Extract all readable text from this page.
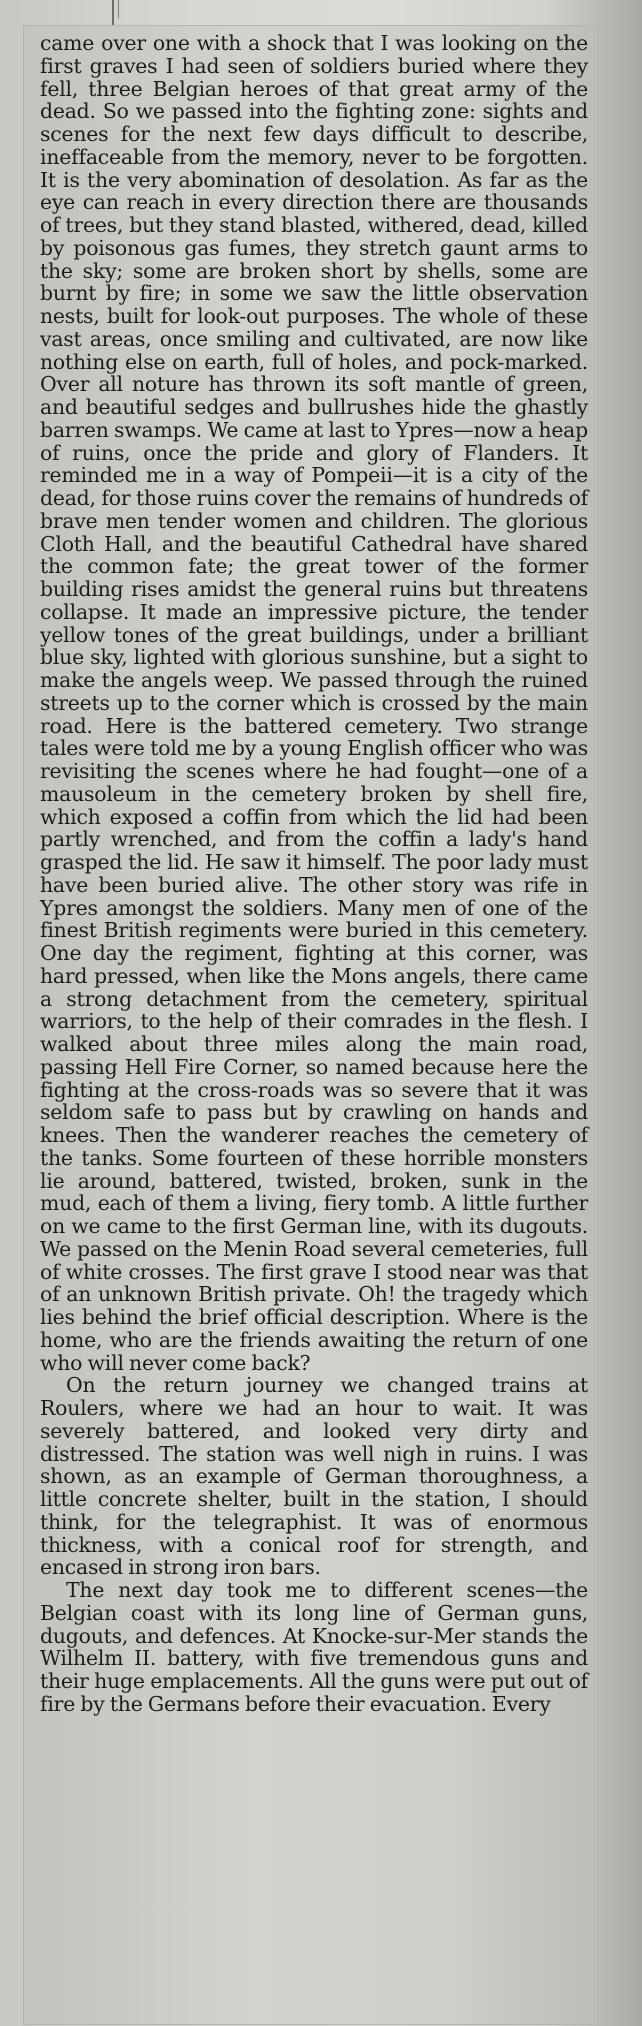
came over one with a shock that I was looking on the first graves I had seen of soldiers buried where they fell, three Belgian heroes of that great army of the dead. So we passed into the fighting zone: sights and scenes for the next few days difficult to describe, ineffaceable from the memory, never to be forgotten. It is the very abomination of desolation. As far as the eye can reach in every direction there are thousands of trees, but they stand blasted, withered, dead, killed by poisonous gas fumes, they stretch gaunt arms to the sky; some are broken short by shells, some are burnt by fire; in some we saw the little observation nests, built for look-out purposes. The whole of these vast areas, once smiling and cultivated, are now like nothing else on earth, full of holes, and pock-marked. Over all noture has thrown its soft mantle of green, and beautiful sedges and bullrushes hide the ghastly barren swamps. We came at last to Ypres—now a heap of ruins, once the pride and glory of Flanders. It reminded me in a way of Pompeii—it is a city of the dead, for those ruins cover the remains of hundreds of brave men tender women and children. The glorious Cloth Hall, and the beautiful Cathedral have shared the common fate; the great tower of the former building rises amidst the general ruins but threatens collapse. It made an impressive picture, the tender yellow tones of the great buildings, under a brilliant blue sky, lighted with glorious sunshine, but a sight to make the angels weep. We passed through the ruined streets up to the corner which is crossed by the main road. Here is the battered cemetery. Two strange tales were told me by a young English officer who was revisiting the scenes where he had fought—one of a mausoleum in the cemetery broken by shell fire, which exposed a coffin from which the lid had been partly wrenched, and from the coffin a lady's hand grasped the lid. He saw it himself. The poor lady must have been buried alive. The other story was rife in Ypres amongst the soldiers. Many men of one of the finest British regiments were buried in this cemetery. One day the regiment, fighting at this corner, was hard pressed, when like the Mons angels, there came a strong detachment from the cemetery, spiritual warriors, to the help of their comrades in the flesh. I walked about three miles along the main road, passing Hell Fire Corner, so named because here the fighting at the cross-roads was so severe that it was seldom safe to pass but by crawling on hands and knees. Then the wanderer reaches the cemetery of the tanks. Some fourteen of these horrible monsters lie around, battered, twisted, broken, sunk in the mud, each of them a living, fiery tomb. A little further on we came to the first German line, with its dugouts. We passed on the Menin Road several cemeteries, full of white crosses. The first grave I stood near was that of an unknown British private. Oh! the tragedy which lies behind the brief official description. Where is the home, who are the friends awaiting the return of one who will never come back?

On the return journey we changed trains at Roulers, where we had an hour to wait. It was severely battered, and looked very dirty and distressed. The station was well nigh in ruins. I was shown, as an example of German thoroughness, a little concrete shelter, built in the station, I should think, for the telegraphist. It was of enormous thickness, with a conical roof for strength, and encased in strong iron bars.

The next day took me to different scenes—the Belgian coast with its long line of German guns, dugouts, and defences. At Knocke-sur-Mer stands the Wilhelm II. battery, with five tremendous guns and their huge emplacements. All the guns were put out of fire by the Germans before their evacuation. Every
